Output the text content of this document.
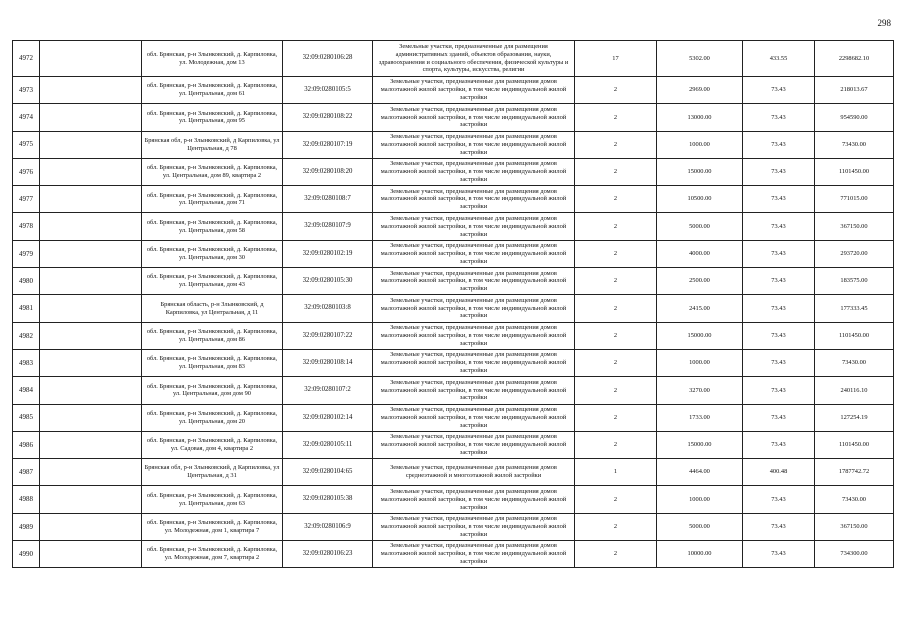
298
4972		обл. Брянская, р-н Злынковский, д. Карпиловка, ул. Молодежная, дом 13	32:09:0280106:28	Земельные участки, предназначенные для размещения административных зданий, объектов образования, науки, здравоохранения и социального обеспечения, физической культуры и спорта, культуры, искусства, религии	17	5302.00	433.55	2298682.10
4973		обл. Брянская, р-н Злынковский, д. Карпиловка, ул. Центральная, дом 61	32:09:0280105:5	Земельные участки, предназначенные для размещения домов малоэтажной жилой застройки, в том числе индивидуальной жилой застройки	2	2969.00	73.43	218013.67
4974		обл. Брянская, р-н Злынковский, д. Карпиловка, ул. Центральная, дом 95	32:09:0280108:22	Земельные участки, предназначенные для размещения домов малоэтажной жилой застройки, в том числе индивидуальной жилой застройки	2	13000.00	73.43	954590.00
4975		Брянская обл, р-н Злынковский, д Карпиловка, ул Центральная, д 78	32:09:0280107:19	Земельные участки, предназначенные для размещения домов малоэтажной жилой застройки, в том числе индивидуальной жилой застройки	2	1000.00	73.43	73430.00
4976		обл. Брянская, р-н Злынковский, д. Карпиловка, ул. Центральная, дом 89, квартира 2	32:09:0280108:20	Земельные участки, предназначенные для размещения домов малоэтажной жилой застройки, в том числе индивидуальной жилой застройки	2	15000.00	73.43	1101450.00
4977		обл. Брянская, р-н Злынковский, д. Карпиловка, ул. Центральная, дом 71	32:09:0280108:7	Земельные участки, предназначенные для размещения домов малоэтажной жилой застройки, в том числе индивидуальной жилой застройки	2	10500.00	73.43	771015.00
4978		обл. Брянская, р-н Злынковский, д. Карпиловка, ул. Центральная, дом 58	32:09:0280107:9	Земельные участки, предназначенные для размещения домов малоэтажной жилой застройки, в том числе индивидуальной жилой застройки	2	5000.00	73.43	367150.00
4979		обл. Брянская, р-н Злынковский, д. Карпиловка, ул. Центральная, дом 30	32:09:0280102:19	Земельные участки, предназначенные для размещения домов малоэтажной жилой застройки, в том числе индивидуальной жилой застройки	2	4000.00	73.43	293720.00
4980		обл. Брянская, р-н Злынковский, д. Карпиловка, ул. Центральная, дом 43	32:09:0280105:30	Земельные участки, предназначенные для размещения домов малоэтажной жилой застройки, в том числе индивидуальной жилой застройки	2	2500.00	73.43	183575.00
4981		Брянская область, р-н Злынковский, д Карпиловка, ул Центральная, д 11	32:09:0280103:8	Земельные участки, предназначенные для размещения домов малоэтажной жилой застройки, в том числе индивидуальной жилой застройки	2	2415.00	73.43	177333.45
4982		обл. Брянская, р-н Злынковский, д. Карпиловка, ул. Центральная, дом 86	32:09:0280107:22	Земельные участки, предназначенные для размещения домов малоэтажной жилой застройки, в том числе индивидуальной жилой застройки	2	15000.00	73.43	1101450.00
4983		обл. Брянская, р-н Злынковский, д. Карпиловка, ул. Центральная, дом 83	32:09:0280108:14	Земельные участки, предназначенные для размещения домов малоэтажной жилой застройки, в том числе индивидуальной жилой застройки	2	1000.00	73.43	73430.00
4984		обл. Брянская, р-н Злынковский, д. Карпиловка, ул. Центральная, дом дом 90	32:09:0280107:2	Земельные участки, предназначенные для размещения домов малоэтажной жилой застройки, в том числе индивидуальной жилой застройки	2	3270.00	73.43	240116.10
4985		обл. Брянская, р-н Злынковский, д. Карпиловка, ул. Центральная, дом 20	32:09:0280102:14	Земельные участки, предназначенные для размещения домов малоэтажной жилой застройки, в том числе индивидуальной жилой застройки	2	1733.00	73.43	127254.19
4986		обл. Брянская, р-н Злынковский, д. Карпиловка, ул. Садовая, дом 4, квартира 2	32:09:0280105:11	Земельные участки, предназначенные для размещения домов малоэтажной жилой застройки, в том числе индивидуальной жилой застройки	2	15000.00	73.43	1101450.00
4987		Брянская обл, р-н Злынковский, д Карпиловка, ул Центральная, д 31	32:09:0280104:65	Земельные участки, предназначенные для размещения домов среднеэтажной и многоэтажной жилой застройки	1	4464.00	400.48	1787742.72
4988		обл. Брянская, р-н Злынковский, д. Карпиловка, ул. Центральная, дом 63	32:09:0280105:38	Земельные участки, предназначенные для размещения домов малоэтажной жилой застройки, в том числе индивидуальной жилой застройки	2	1000.00	73.43	73430.00
4989		обл. Брянская, р-н Злынковский, д. Карпиловка, ул. Молодежная, дом 1, квартира 7	32:09:0280106:9	Земельные участки, предназначенные для размещения домов малоэтажной жилой застройки, в том числе индивидуальной жилой застройки	2	5000.00	73.43	367150.00
4990		обл. Брянская, р-н Злынковский, д. Карпиловка, ул. Молодежная, дом 7, квартира 2	32:09:0280106:23	Земельные участки, предназначенные для размещения домов малоэтажной жилой застройки, в том числе индивидуальной жилой застройки	2	10000.00	73.43	734300.00
